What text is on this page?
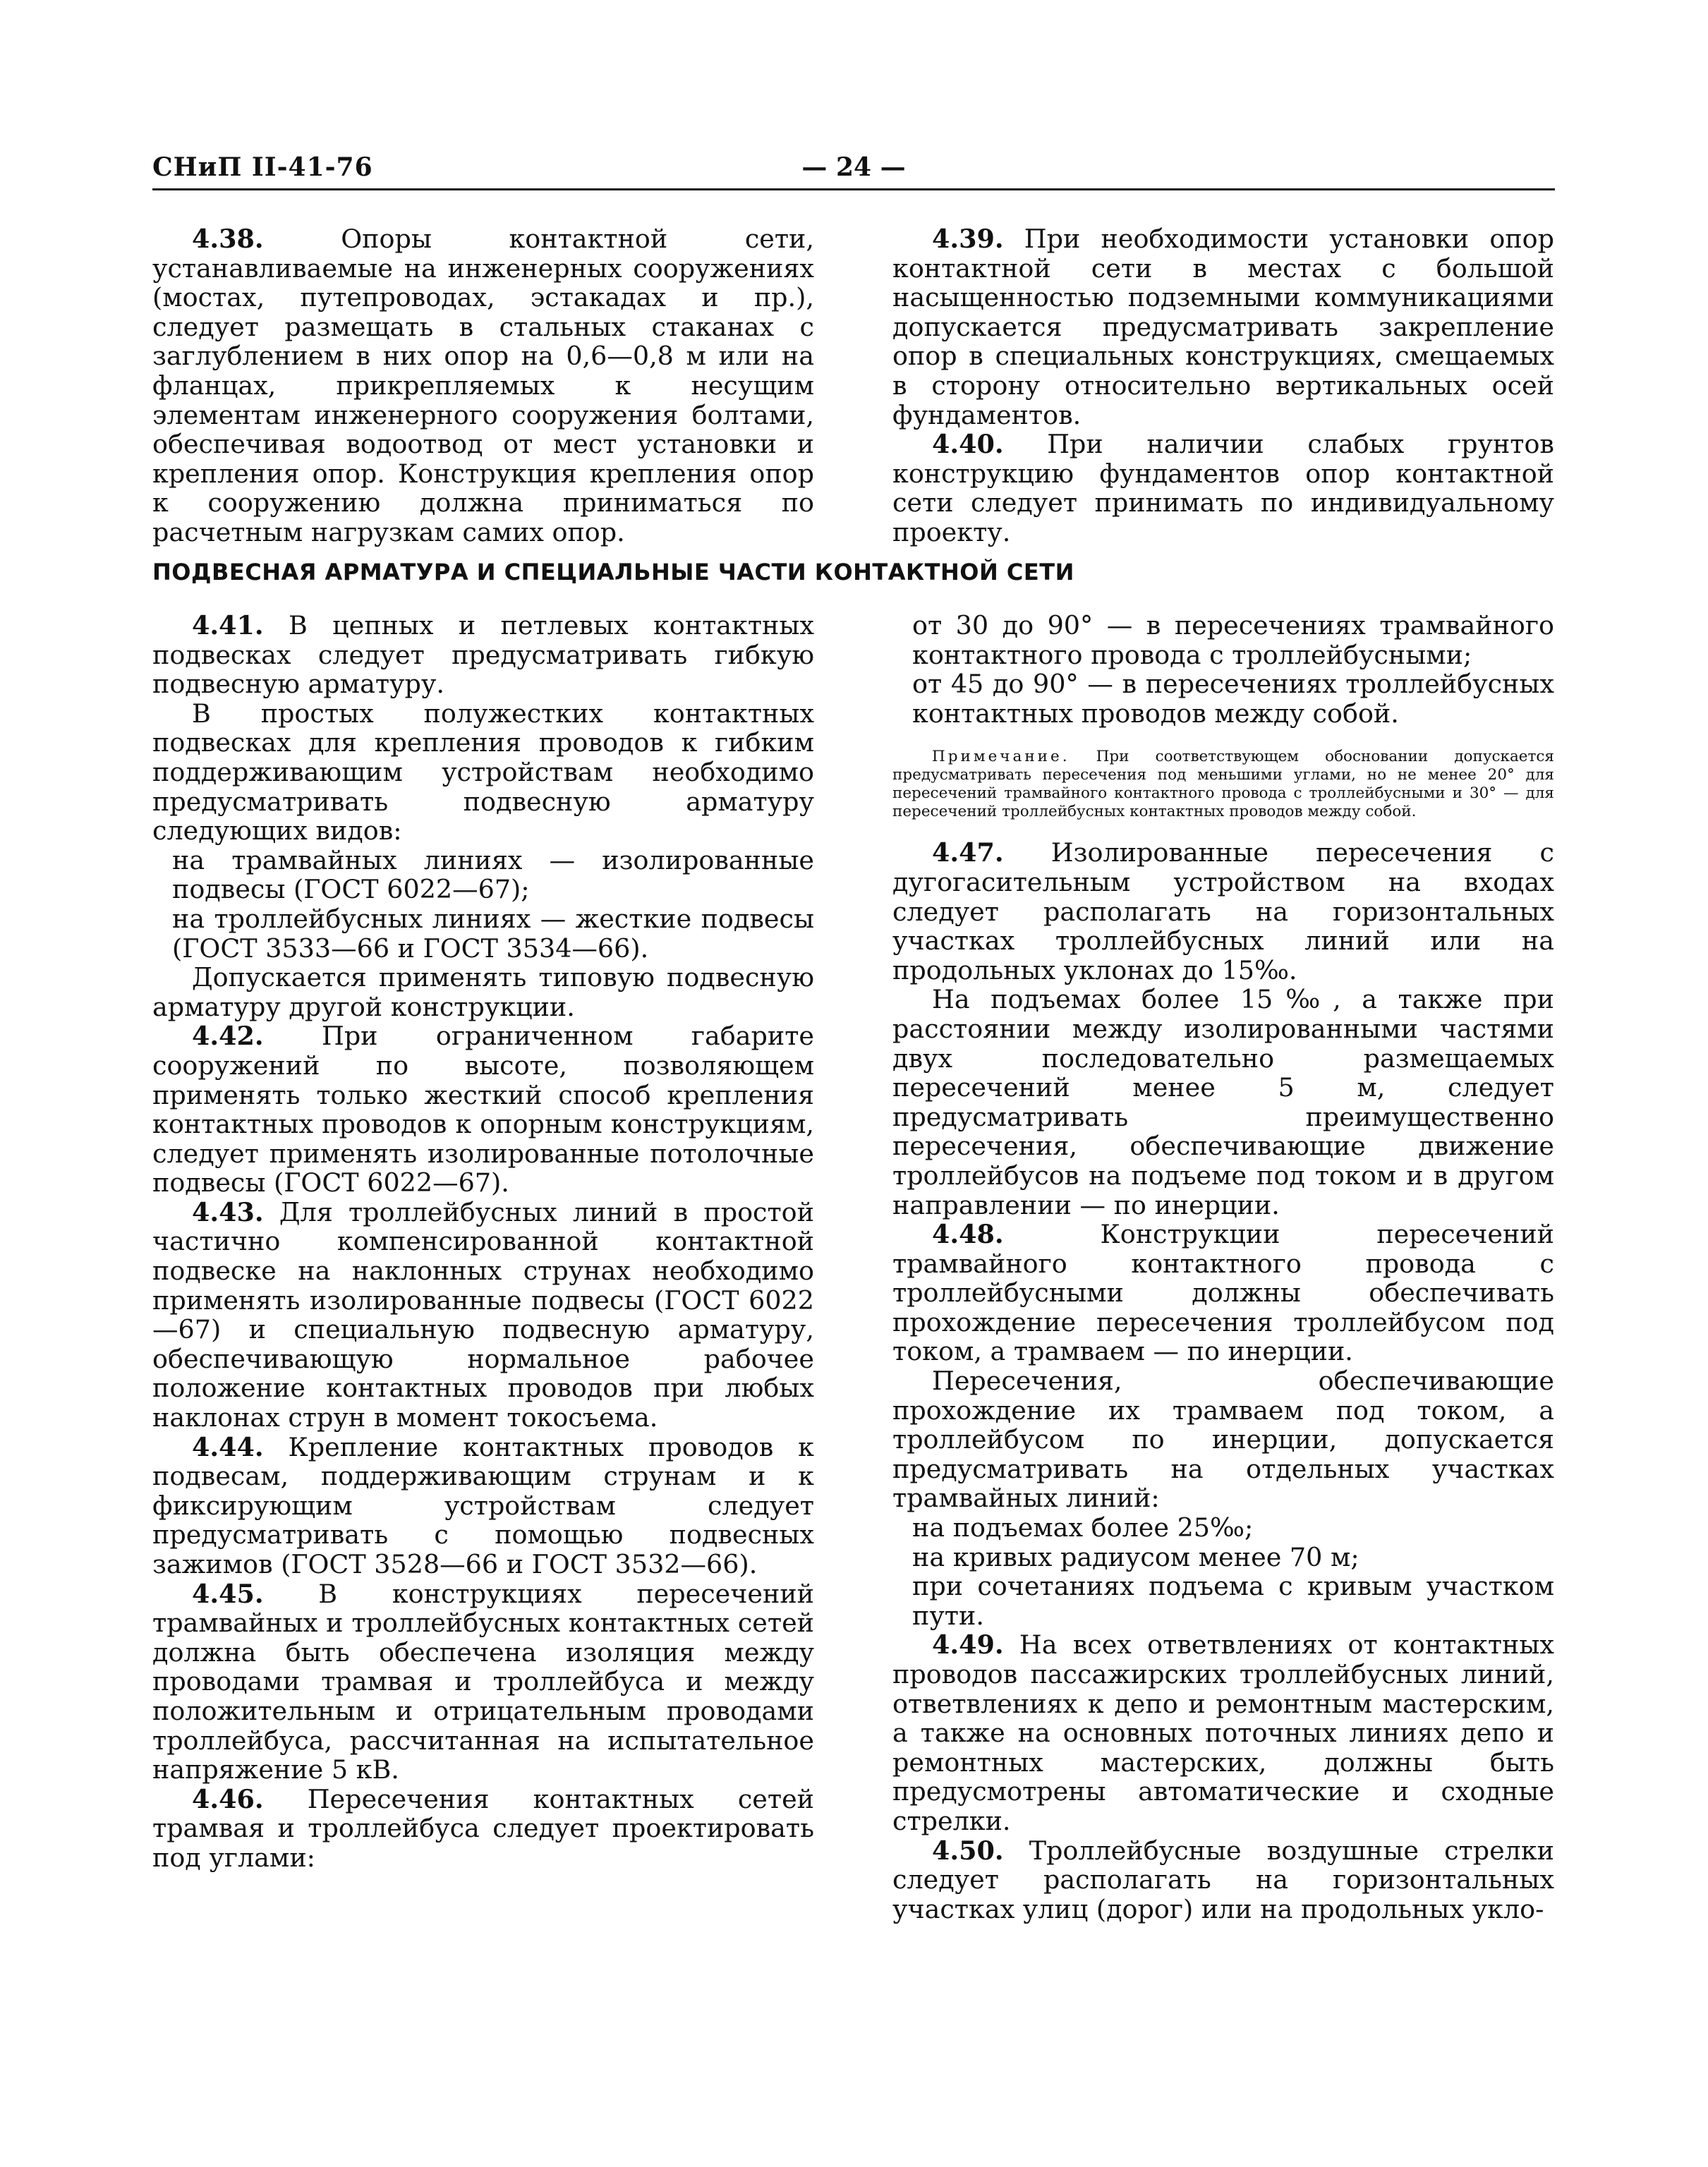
СНиП II-41-76	— 24 —

4.38. Опоры контактной сети, устанавливаемые на инженерных сооружениях (мостах, путепроводах, эстакадах и пр.), следует размещать в стальных стаканах с заглублением в них опор на 0,6—0,8 м или на фланцах, прикрепляемых к несущим элементам инженерного сооружения болтами, обеспечивая водоотвод от мест установки и крепления опор. Конструкция крепления опор к сооружению должна приниматься по расчетным нагрузкам самих опор.

4.39. При необходимости установки опор контактной сети в местах с большой насыщенностью подземными коммуникациями допускается предусматривать закрепление опор в специальных конструкциях, смещаемых в сторону относительно вертикальных осей фундаментов.

4.40. При наличии слабых грунтов конструкцию фундаментов опор контактной сети следует принимать по индивидуальному проекту.

ПОДВЕСНАЯ АРМАТУРА И СПЕЦИАЛЬНЫЕ ЧАСТИ КОНТАКТНОЙ СЕТИ

4.41. В цепных и петлевых контактных подвесках следует предусматривать гибкую подвесную арматуру.

В простых полужестких контактных подвесках для крепления проводов к гибким поддерживающим устройствам необходимо предусматривать подвесную арматуру следующих видов:

на трамвайных линиях — изолированные подвесы (ГОСТ 6022—67);

на троллейбусных линиях — жесткие подвесы (ГОСТ 3533—66 и ГОСТ 3534—66).

Допускается применять типовую подвесную арматуру другой конструкции.

4.42. При ограниченном габарите сооружений по высоте, позволяющем применять только жесткий способ крепления контактных проводов к опорным конструкциям, следует применять изолированные потолочные подвесы (ГОСТ 6022—67).

4.43. Для троллейбусных линий в простой частично компенсированной контактной подвеске на наклонных струнах необходимо применять изолированные подвесы (ГОСТ 6022—67) и специальную подвесную арматуру, обеспечивающую нормальное рабочее положение контактных проводов при любых наклонах струн в момент токосъема.

4.44. Крепление контактных проводов к подвесам, поддерживающим струнам и к фиксирующим устройствам следует предусматривать с помощью подвесных зажимов (ГОСТ 3528—66 и ГОСТ 3532—66).

4.45. В конструкциях пересечений трамвайных и троллейбусных контактных сетей должна быть обеспечена изоляция между проводами трамвая и троллейбуса и между положительным и отрицательным проводами троллейбуса, рассчитанная на испытательное напряжение 5 кВ.

4.46. Пересечения контактных сетей трамвая и троллейбуса следует проектировать под углами:

от 30 до 90° — в пересечениях трамвайного контактного провода с троллейбусными;

от 45 до 90° — в пересечениях троллейбусных контактных проводов между собой.

Примечание. При соответствующем обосновании допускается предусматривать пересечения под меньшими углами, но не менее 20° для пересечений трамвайного контактного провода с троллейбусными и 30° — для пересечений троллейбусных контактных проводов между собой.

4.47. Изолированные пересечения с дугогасительным устройством на входах следует располагать на горизонтальных участках троллейбусных линий или на продольных уклонах до 15‰.

На подъемах более 15‰, а также при расстоянии между изолированными частями двух последовательно размещаемых пересечений менее 5 м, следует предусматривать преимущественно пересечения, обеспечивающие движение троллейбусов на подъеме под током и в другом направлении — по инерции.

4.48. Конструкции пересечений трамвайного контактного провода с троллейбусными должны обеспечивать прохождение пересечения троллейбусом под током, а трамваем — по инерции.

Пересечения, обеспечивающие прохождение их трамваем под током, а троллейбусом по инерции, допускается предусматривать на отдельных участках трамвайных линий:

на подъемах более 25‰;

на кривых радиусом менее 70 м;

при сочетаниях подъема с кривым участком пути.

4.49. На всех ответвлениях от контактных проводов пассажирских троллейбусных линий, ответвлениях к депо и ремонтным мастерским, а также на основных поточных линиях депо и ремонтных мастерских, должны быть предусмотрены автоматические и сходные стрелки.

4.50. Троллейбусные воздушные стрелки следует располагать на горизонтальных участках улиц (дорог) или на продольных укло-
